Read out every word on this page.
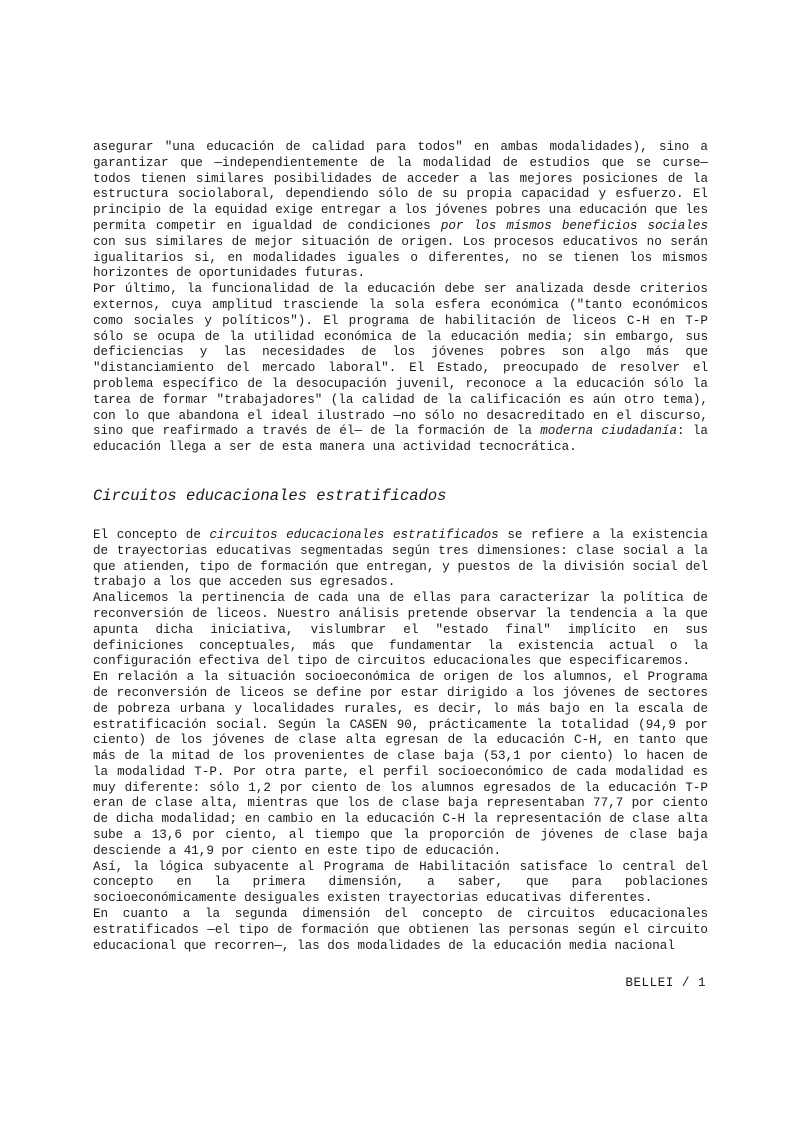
asegurar "una educación de calidad para todos" en ambas modalidades), sino a garantizar que —independientemente de la modalidad de estudios que se curse— todos tienen similares posibilidades de acceder a las mejores posiciones de la estructura sociolaboral, dependiendo sólo de su propia capacidad y esfuerzo. El principio de la equidad exige entregar a los jóvenes pobres una educación que les permita competir en igualdad de condiciones por los mismos beneficios sociales con sus similares de mejor situación de origen. Los procesos educativos no serán igualitarios si, en modalidades iguales o diferentes, no se tienen los mismos horizontes de oportunidades futuras.

Por último, la funcionalidad de la educación debe ser analizada desde criterios externos, cuya amplitud trasciende la sola esfera económica ("tanto económicos como sociales y políticos"). El programa de habilitación de liceos C-H en T-P sólo se ocupa de la utilidad económica de la educación media; sin embargo, sus deficiencias y las necesidades de los jóvenes pobres son algo más que "distanciamiento del mercado laboral". El Estado, preocupado de resolver el problema específico de la desocupación juvenil, reconoce a la educación sólo la tarea de formar "trabajadores" (la calidad de la calificación es aún otro tema), con lo que abandona el ideal ilustrado —no sólo no desacreditado en el discurso, sino que reafirmado a través de él— de la formación de la moderna ciudadanía: la educación llega a ser de esta manera una actividad tecnocrática.

Circuitos educacionales estratificados

El concepto de circuitos educacionales estratificados se refiere a la existencia de trayectorias educativas segmentadas según tres dimensiones: clase social a la que atienden, tipo de formación que entregan, y puestos de la división social del trabajo a los que acceden sus egresados.

Analicemos la pertinencia de cada una de ellas para caracterizar la política de reconversión de liceos. Nuestro análisis pretende observar la tendencia a la que apunta dicha iniciativa, vislumbrar el "estado final" implícito en sus definiciones conceptuales, más que fundamentar la existencia actual o la configuración efectiva del tipo de circuitos educacionales que especificaremos.

En relación a la situación socioeconómica de origen de los alumnos, el Programa de reconversión de liceos se define por estar dirigido a los jóvenes de sectores de pobreza urbana y localidades rurales, es decir, lo más bajo en la escala de estratificación social. Según la CASEN 90, prácticamente la totalidad (94,9 por ciento) de los jóvenes de clase alta egresan de la educación C-H, en tanto que más de la mitad de los provenientes de clase baja (53,1 por ciento) lo hacen de la modalidad T-P. Por otra parte, el perfil socioeconómico de cada modalidad es muy diferente: sólo 1,2 por ciento de los alumnos egresados de la educación T-P eran de clase alta, mientras que los de clase baja representaban 77,7 por ciento de dicha modalidad; en cambio en la educación C-H la representación de clase alta sube a 13,6 por ciento, al tiempo que la proporción de jóvenes de clase baja desciende a 41,9 por ciento en este tipo de educación.

Así, la lógica subyacente al Programa de Habilitación satisface lo central del concepto en la primera dimensión, a saber, que para poblaciones socioeconómicamente desiguales existen trayectorias educativas diferentes.

En cuanto a la segunda dimensión del concepto de circuitos educacionales estratificados —el tipo de formación que obtienen las personas según el circuito educacional que recorren—, las dos modalidades de la educación media nacional

BELLEI / 1
